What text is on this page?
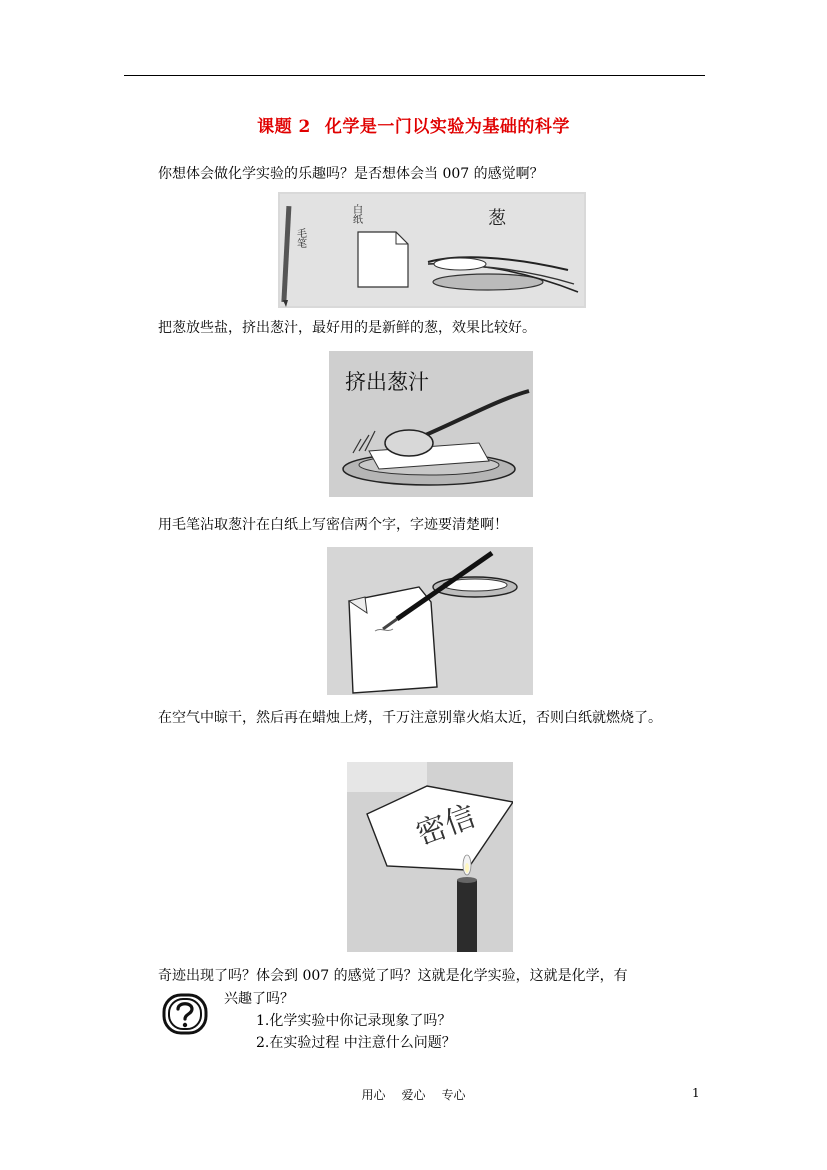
课题 2 化学是一门以实验为基础的科学
你想体会做化学实验的乐趣吗？是否想体会当 007 的感觉啊？
毛笔
白纸	葱
把葱放些盐，挤出葱汁，最好用的是新鲜的葱，效果比较好。
挤出葱汁
用毛笔沾取葱汁在白纸上写密信两个字，字迹要清楚啊！
在空气中晾干，然后再在蜡烛上烤，千万注意别靠火焰太近，否则白纸就燃烧了。
密信
奇迹出现了吗？体会到 007 的感觉了吗？这就是化学实验，这就是化学，有
兴趣了吗？
1.化学实验中你记录现象了吗？
2.在实验过程 中注意什么问题？
用心 爱心 专心	1
